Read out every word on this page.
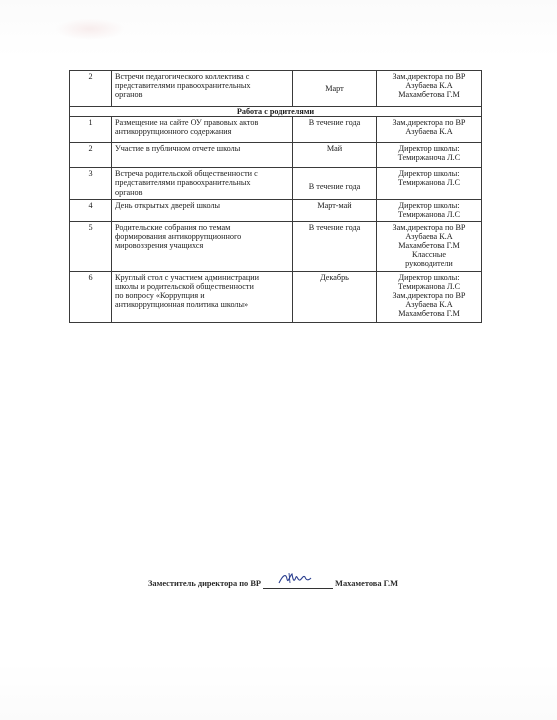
2	Встречи педагогического коллектива с
представителями правоохранительных
органов	Март	Зам.директора по ВР
Азубаева К.А
Махамбетова Г.М

Работа с родителями			
1	Размещение на сайте ОУ правовых актов
антикоррупционного содержания	В течение года	Зам.директора по ВР
Азубаева К.А

2	Участие в публичном отчете школы	Май	Директор школы:
Темиржаноча Л.С

3	Встреча родительской общественности с
представителями правоохранительных
органов	В течение года	Директор школы:
Темиржанова Л.С

4	День открытых дверей школы	Март-май	Директор школы:
Темиржанова Л.С

5	Родительские собрания по темам
формирования антикоррупционного
мировоззрения учащихся	В течение года	Зам.директора по ВР
Азубаева К.А
Махамбетова Г.М
Классные
руководители

6	Круглый стол с участием администрации
школы и родительской общественности
по вопросу «Коррупция и
антикоррупционная политика школы»	Декабрь	Директор школы:
Темиржанова Л.С
Зам.директора по ВР
Азубаева К.А
Махамбетова Г.М
Заместитель директора по ВР	Махаметова Г.М
